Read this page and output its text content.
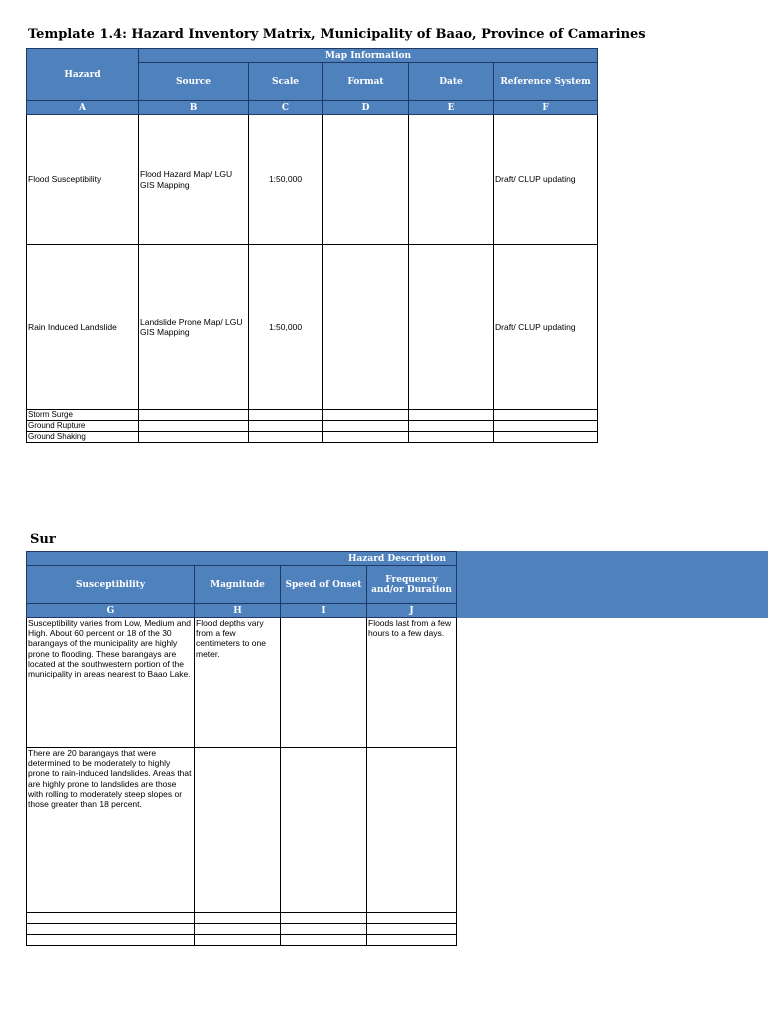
Template 1.4: Hazard Inventory Matrix, Municipality of Baao, Province of Camarines
Hazard	Map Information				
	Source	Scale	Format	Date	Reference System
A	B	C	D	E	F
Flood Susceptibility	Flood Hazard Map/ LGU GIS Mapping	1:50,000			Draft/ CLUP updating
Rain Induced Landslide	Landslide Prone Map/ LGU GIS Mapping	1:50,000			Draft/ CLUP updating
Storm Surge					
Ground Rupture					
Ground Shaking					
Sur
Hazard Description			
Susceptibility	Magnitude	Speed of Onset	Frequency and/or Duration
G	H	I	J
Susceptibility varies from Low, Medium and High. About 60 percent or 18 of the 30 barangays of the municipality are highly prone to flooding. These barangays are located at the southwestern portion of the municipality in areas nearest to Baao Lake.	Flood depths vary from a few centimeters to one meter.		Floods last from a few hours to a few days.
There are 20 barangays that were determined to be moderately to highly prone to rain-induced landslides. Areas that are highly prone to landslides are those with rolling to moderately steep slopes or those greater than 18 percent.			
